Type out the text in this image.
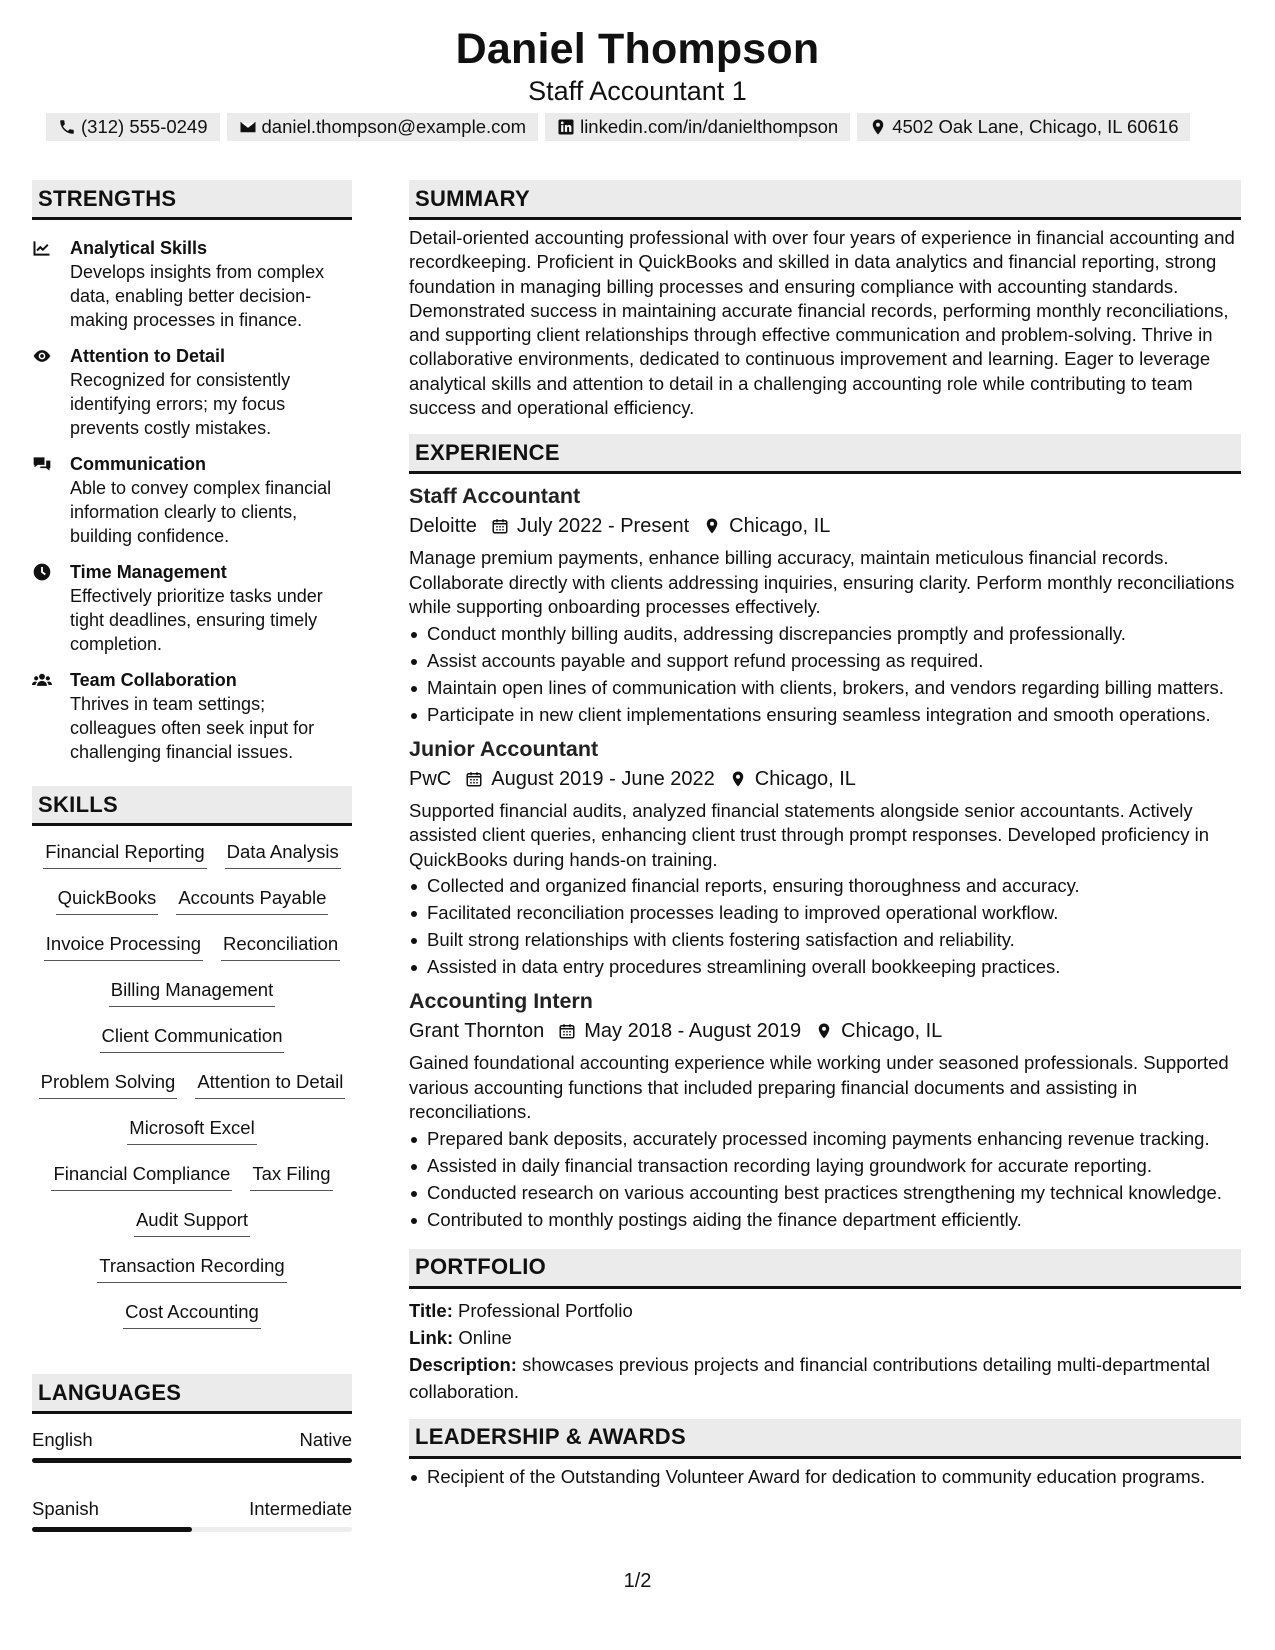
Daniel Thompson
Staff Accountant 1
(312) 555-0249	daniel.thompson@example.com	linkedin.com/in/danielthompson	4502 Oak Lane, Chicago, IL 60616
STRENGTHS
Analytical Skills
Develops insights from complex data, enabling better decision-making processes in finance.
Attention to Detail
Recognized for consistently identifying errors; my focus prevents costly mistakes.
Communication
Able to convey complex financial information clearly to clients, building confidence.
Time Management
Effectively prioritize tasks under tight deadlines, ensuring timely completion.
Team Collaboration
Thrives in team settings; colleagues often seek input for challenging financial issues.
SKILLS
Financial Reporting Data Analysis
QuickBooks Accounts Payable
Invoice Processing Reconciliation
Billing Management
Client Communication
Problem Solving Attention to Detail
Microsoft Excel
Financial Compliance Tax Filing
Audit Support
Transaction Recording
Cost Accounting
LANGUAGES
English	Native
Spanish	Intermediate
SUMMARY
Detail-oriented accounting professional with over four years of experience in financial accounting and recordkeeping. Proficient in QuickBooks and skilled in data analytics and financial reporting, strong foundation in managing billing processes and ensuring compliance with accounting standards. Demonstrated success in maintaining accurate financial records, performing monthly reconciliations, and supporting client relationships through effective communication and problem-solving. Thrive in collaborative environments, dedicated to continuous improvement and learning. Eager to leverage analytical skills and attention to detail in a challenging accounting role while contributing to team success and operational efficiency.
EXPERIENCE
Staff Accountant
Deloitte July 2022 - Present Chicago, IL
Manage premium payments, enhance billing accuracy, maintain meticulous financial records. Collaborate directly with clients addressing inquiries, ensuring clarity. Perform monthly reconciliations while supporting onboarding processes effectively.
Conduct monthly billing audits, addressing discrepancies promptly and professionally.
Assist accounts payable and support refund processing as required.
Maintain open lines of communication with clients, brokers, and vendors regarding billing matters.
Participate in new client implementations ensuring seamless integration and smooth operations.
Junior Accountant
PwC August 2019 - June 2022 Chicago, IL
Supported financial audits, analyzed financial statements alongside senior accountants. Actively assisted client queries, enhancing client trust through prompt responses. Developed proficiency in QuickBooks during hands-on training.
Collected and organized financial reports, ensuring thoroughness and accuracy.
Facilitated reconciliation processes leading to improved operational workflow.
Built strong relationships with clients fostering satisfaction and reliability.
Assisted in data entry procedures streamlining overall bookkeeping practices.
Accounting Intern
Grant Thornton May 2018 - August 2019 Chicago, IL
Gained foundational accounting experience while working under seasoned professionals. Supported various accounting functions that included preparing financial documents and assisting in reconciliations.
Prepared bank deposits, accurately processed incoming payments enhancing revenue tracking.
Assisted in daily financial transaction recording laying groundwork for accurate reporting.
Conducted research on various accounting best practices strengthening my technical knowledge.
Contributed to monthly postings aiding the finance department efficiently.
PORTFOLIO
Title: Professional Portfolio
Link: Online
Description: showcases previous projects and financial contributions detailing multi-departmental collaboration.
LEADERSHIP & AWARDS
Recipient of the Outstanding Volunteer Award for dedication to community education programs.
1/2
